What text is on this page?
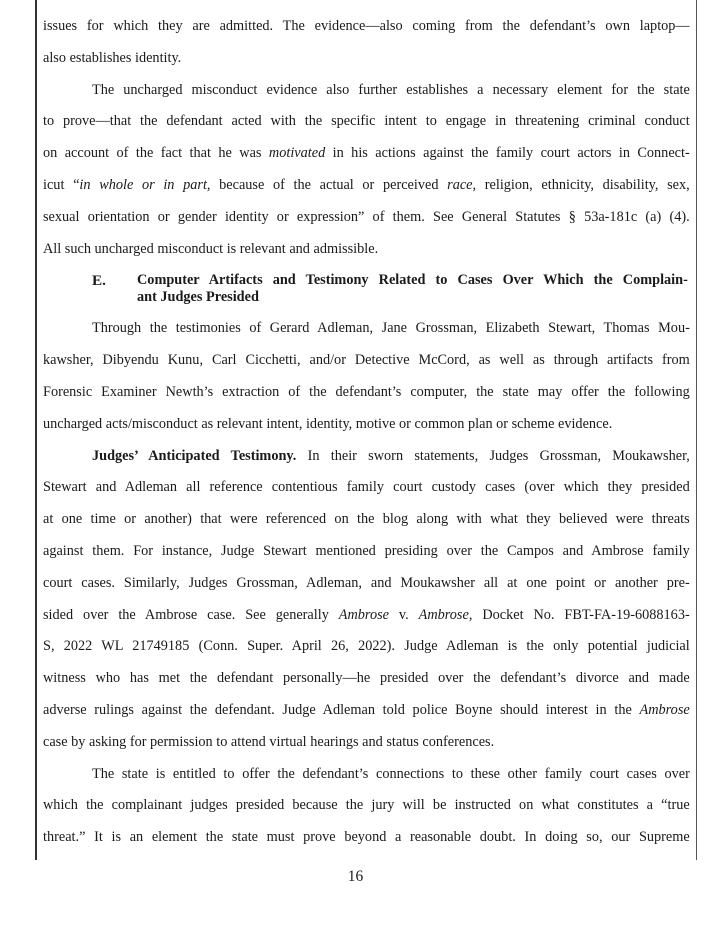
issues for which they are admitted. The evidence—also coming from the defendant’s own laptop—
also establishes identity.
The uncharged misconduct evidence also further establishes a necessary element for the state
to prove—that the defendant acted with the specific intent to engage in threatening criminal conduct
on account of the fact that he was motivated in his actions against the family court actors in Connect-
icut “in whole or in part, because of the actual or perceived race, religion, ethnicity, disability, sex,
sexual orientation or gender identity or expression” of them. See General Statutes § 53a-181c (a) (4).
All such uncharged misconduct is relevant and admissible.
E. Computer Artifacts and Testimony Related to Cases Over Which the Complain-
ant Judges Presided
Through the testimonies of Gerard Adleman, Jane Grossman, Elizabeth Stewart, Thomas Mou-
kawsher, Dibyendu Kunu, Carl Cicchetti, and/or Detective McCord, as well as through artifacts from
Forensic Examiner Newth’s extraction of the defendant’s computer, the state may offer the following
uncharged acts/misconduct as relevant intent, identity, motive or common plan or scheme evidence.
Judges’ Anticipated Testimony. In their sworn statements, Judges Grossman, Moukawsher,
Stewart and Adleman all reference contentious family court custody cases (over which they presided
at one time or another) that were referenced on the blog along with what they believed were threats
against them. For instance, Judge Stewart mentioned presiding over the Campos and Ambrose family
court cases. Similarly, Judges Grossman, Adleman, and Moukawsher all at one point or another pre-
sided over the Ambrose case. See generally Ambrose v. Ambrose, Docket No. FBT-FA-19-6088163-
S, 2022 WL 21749185 (Conn. Super. April 26, 2022). Judge Adleman is the only potential judicial
witness who has met the defendant personally—he presided over the defendant’s divorce and made
adverse rulings against the defendant. Judge Adleman told police Boyne should interest in the Ambrose
case by asking for permission to attend virtual hearings and status conferences.
The state is entitled to offer the defendant’s connections to these other family court cases over
which the complainant judges presided because the jury will be instructed on what constitutes a “true
threat.” It is an element the state must prove beyond a reasonable doubt. In doing so, our Supreme
16
